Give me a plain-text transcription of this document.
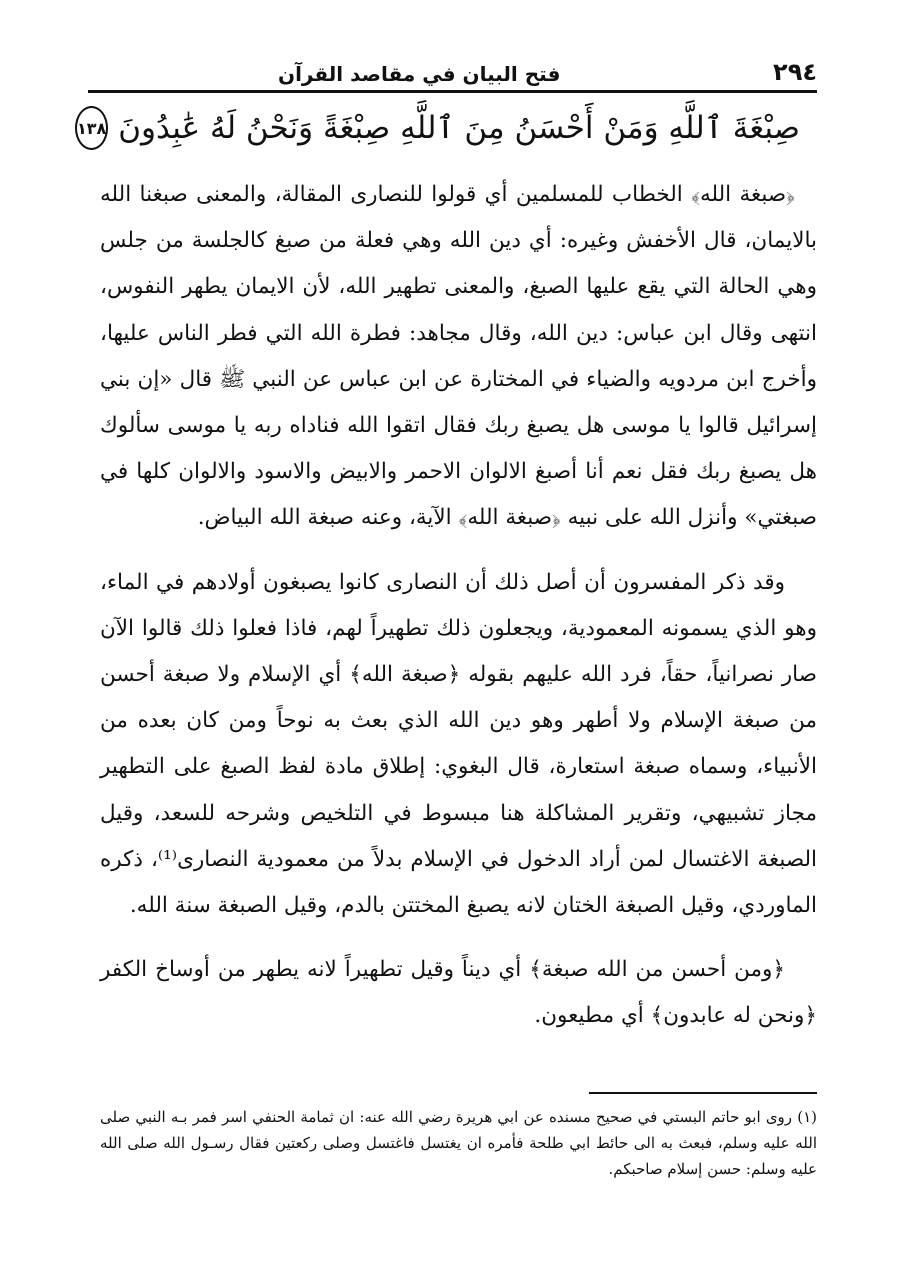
٢٩٤
فتح البيان في مقاصد القرآن
صِبْغَةَ ٱللَّهِ وَمَنْ أَحْسَنُ مِنَ ٱللَّهِ صِبْغَةً وَنَحْنُ لَهُ عَٰبِدُونَ
١٣٨

﴿صبغة الله﴾ الخطاب للمسلمين أي قولوا للنصارى المقالة، والمعنى صبغنا الله بالايمان، قال الأخفش وغيره: أي دين الله وهي فعلة من صبغ كالجلسة من جلس وهي الحالة التي يقع عليها الصبغ، والمعنى تطهير الله، لأن الايمان يطهر النفوس، انتهى وقال ابن عباس: دين الله، وقال مجاهد: فطرة الله التي فطر الناس عليها، وأخرج ابن مردويه والضياء في المختارة عن ابن عباس عن النبي ﷺ قال «إن بني إسرائيل قالوا يا موسى هل يصبغ ربك فقال اتقوا الله فناداه ربه يا موسى سألوك هل يصبغ ربك فقل نعم أنا أصبغ الالوان الاحمر والابيض والاسود والالوان كلها في صبغتي» وأنزل الله على نبيه ﴿صبغة الله﴾ الآية، وعنه صبغة الله البياض.

وقد ذكر المفسرون أن أصل ذلك أن النصارى كانوا يصبغون أولادهم في الماء، وهو الذي يسمونه المعمودية، ويجعلون ذلك تطهيراً لهم، فاذا فعلوا ذلك قالوا الآن صار نصرانياً، حقاً، فرد الله عليهم بقوله ﴿صبغة الله﴾ أي الإسلام ولا صبغة أحسن من صبغة الإسلام ولا أطهر وهو دين الله الذي بعث به نوحاً ومن كان بعده من الأنبياء، وسماه صبغة استعارة، قال البغوي: إطلاق مادة لفظ الصبغ على التطهير مجاز تشبيهي، وتقرير المشاكلة هنا مبسوط في التلخيص وشرحه للسعد، وقيل الصبغة الاغتسال لمن أراد الدخول في الإسلام بدلاً من معمودية النصارى⁽¹⁾، ذكره الماوردي، وقيل الصبغة الختان لانه يصبغ المختتن بالدم، وقيل الصبغة سنة الله.

﴿ومن أحسن من الله صبغة﴾ أي ديناً وقيل تطهيراً لانه يطهر من أوساخ الكفر ﴿ونحن له عابدون﴾ أي مطيعون.

(١) روى ابو حاتم البستي في صحيح مسنده عن ابي هريرة رضي الله عنه: ان ثمامة الحنفي اسر فمر بـه النبي صلى الله عليه وسلم، فبعث به الى حائط ابي طلحة فأمره ان يغتسل فاغتسل وصلى ركعتين فقال رسـول الله صلى الله عليه وسلم: حسن إسلام صاحبكم.
